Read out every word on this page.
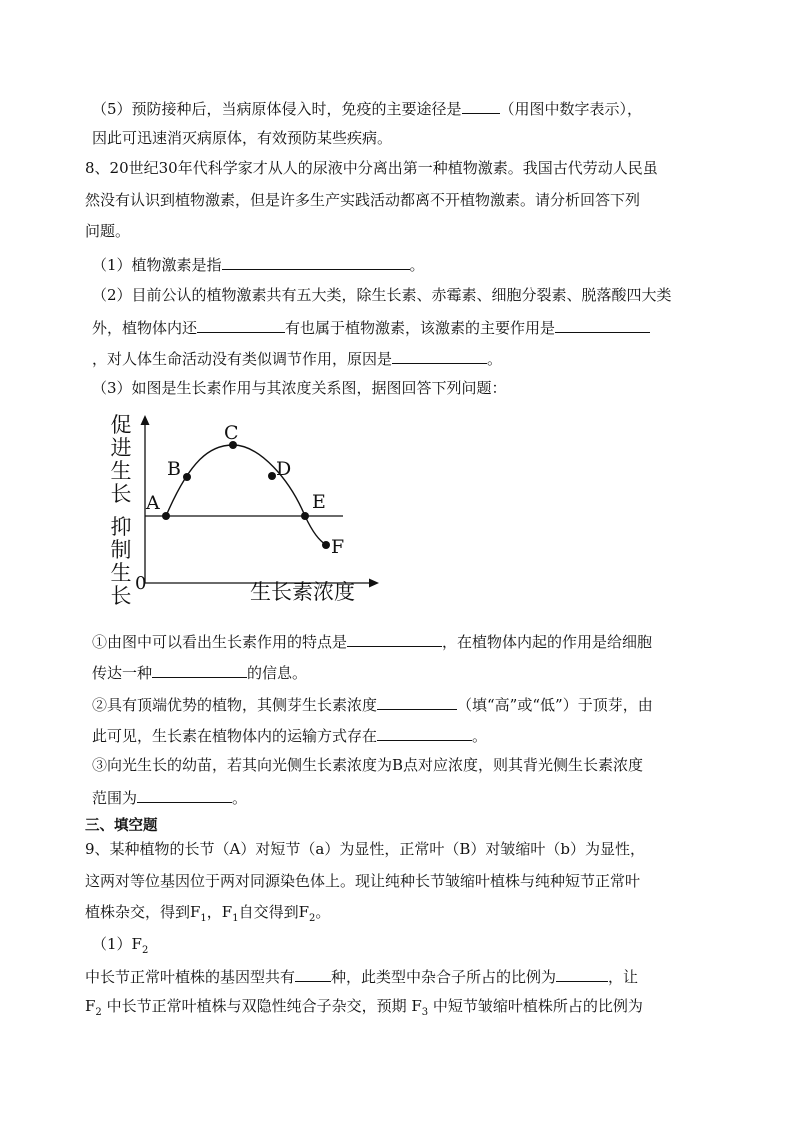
（5）预防接种后，当病原体侵入时，免疫的主要途径是	（用图中数字表示），
因此可迅速消灭病原体，有效预防某些疾病。
8、20世纪30年代科学家才从人的尿液中分离出第一种植物激素。我国古代劳动人民虽
然没有认识到植物激素，但是许多生产实践活动都离不开植物激素。请分析回答下列
问题。
（1）植物激素是指	。
（2）目前公认的植物激素共有五大类，除生长素、赤霉素、细胞分裂素、脱落酸四大类
外，植物体内还	有也属于植物激素，该激素的主要作用是
，对人体生命活动没有类似调节作用，原因是	。
（3）如图是生长素作用与其浓度关系图，据图回答下列问题：
促
进
生
长
抑
制
生
长
A
B
C
D
E
F
0	生长素浓度
①由图中可以看出生长素作用的特点是	，在植物体内起的作用是给细胞
传达一种	的信息。
②具有顶端优势的植物，其侧芽生长素浓度	（填“高”或“低”）于顶芽，由
此可见，生长素在植物体内的运输方式存在	。
③向光生长的幼苗，若其向光侧生长素浓度为B点对应浓度，则其背光侧生长素浓度
范围为	。
三、填空题
9、某种植物的长节（A）对短节（a）为显性，正常叶（B）对皱缩叶（b）为显性，
这两对等位基因位于两对同源染色体上。现让纯种长节皱缩叶植株与纯种短节正常叶
植株杂交，得到$F_1$，$F_1$自交得到$F_2$。
$(1)F_2$
中长节正常叶植株的基因型共有 种，此类型中杂合子所占的比例为	，让
$F_2$ 中长节正常叶植株与双隐性纯合子杂交，预期 $F_3$ 中短节皱缩叶植株所占的比例为
